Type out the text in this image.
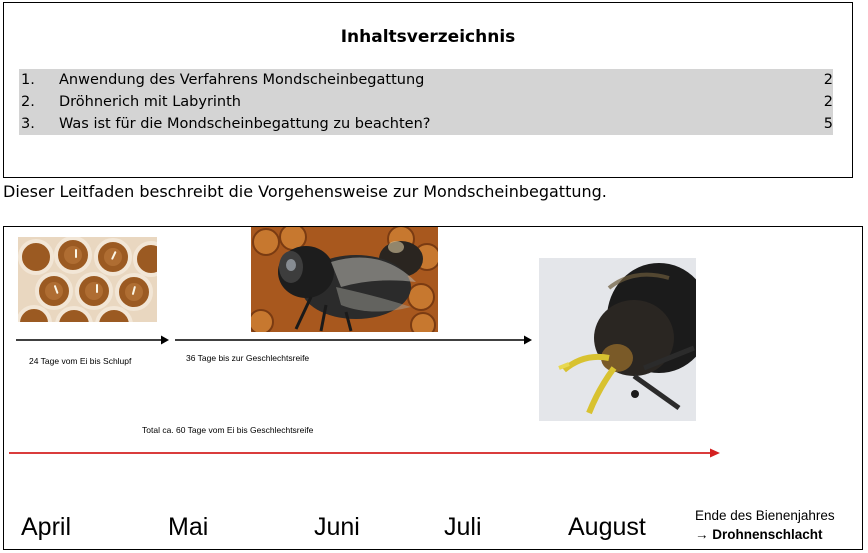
Inhaltsverzeichnis
1. Anwendung des Verfahrens Mondscheinbegattung	2
2. Dröhnerich mit Labyrinth	2
3. Was ist für die Mondscheinbegattung zu beachten?	5
Dieser Leitfaden beschreibt die Vorgehensweise zur Mondscheinbegattung.
24 Tage vom Ei bis Schlupf	36 Tage bis zur Geschlechtsreife
Total ca. 60 Tage vom Ei bis Geschlechtsreife
April	Mai	Juni	Juli	August	Ende des Bienenjahres
→ Drohnenschlacht
